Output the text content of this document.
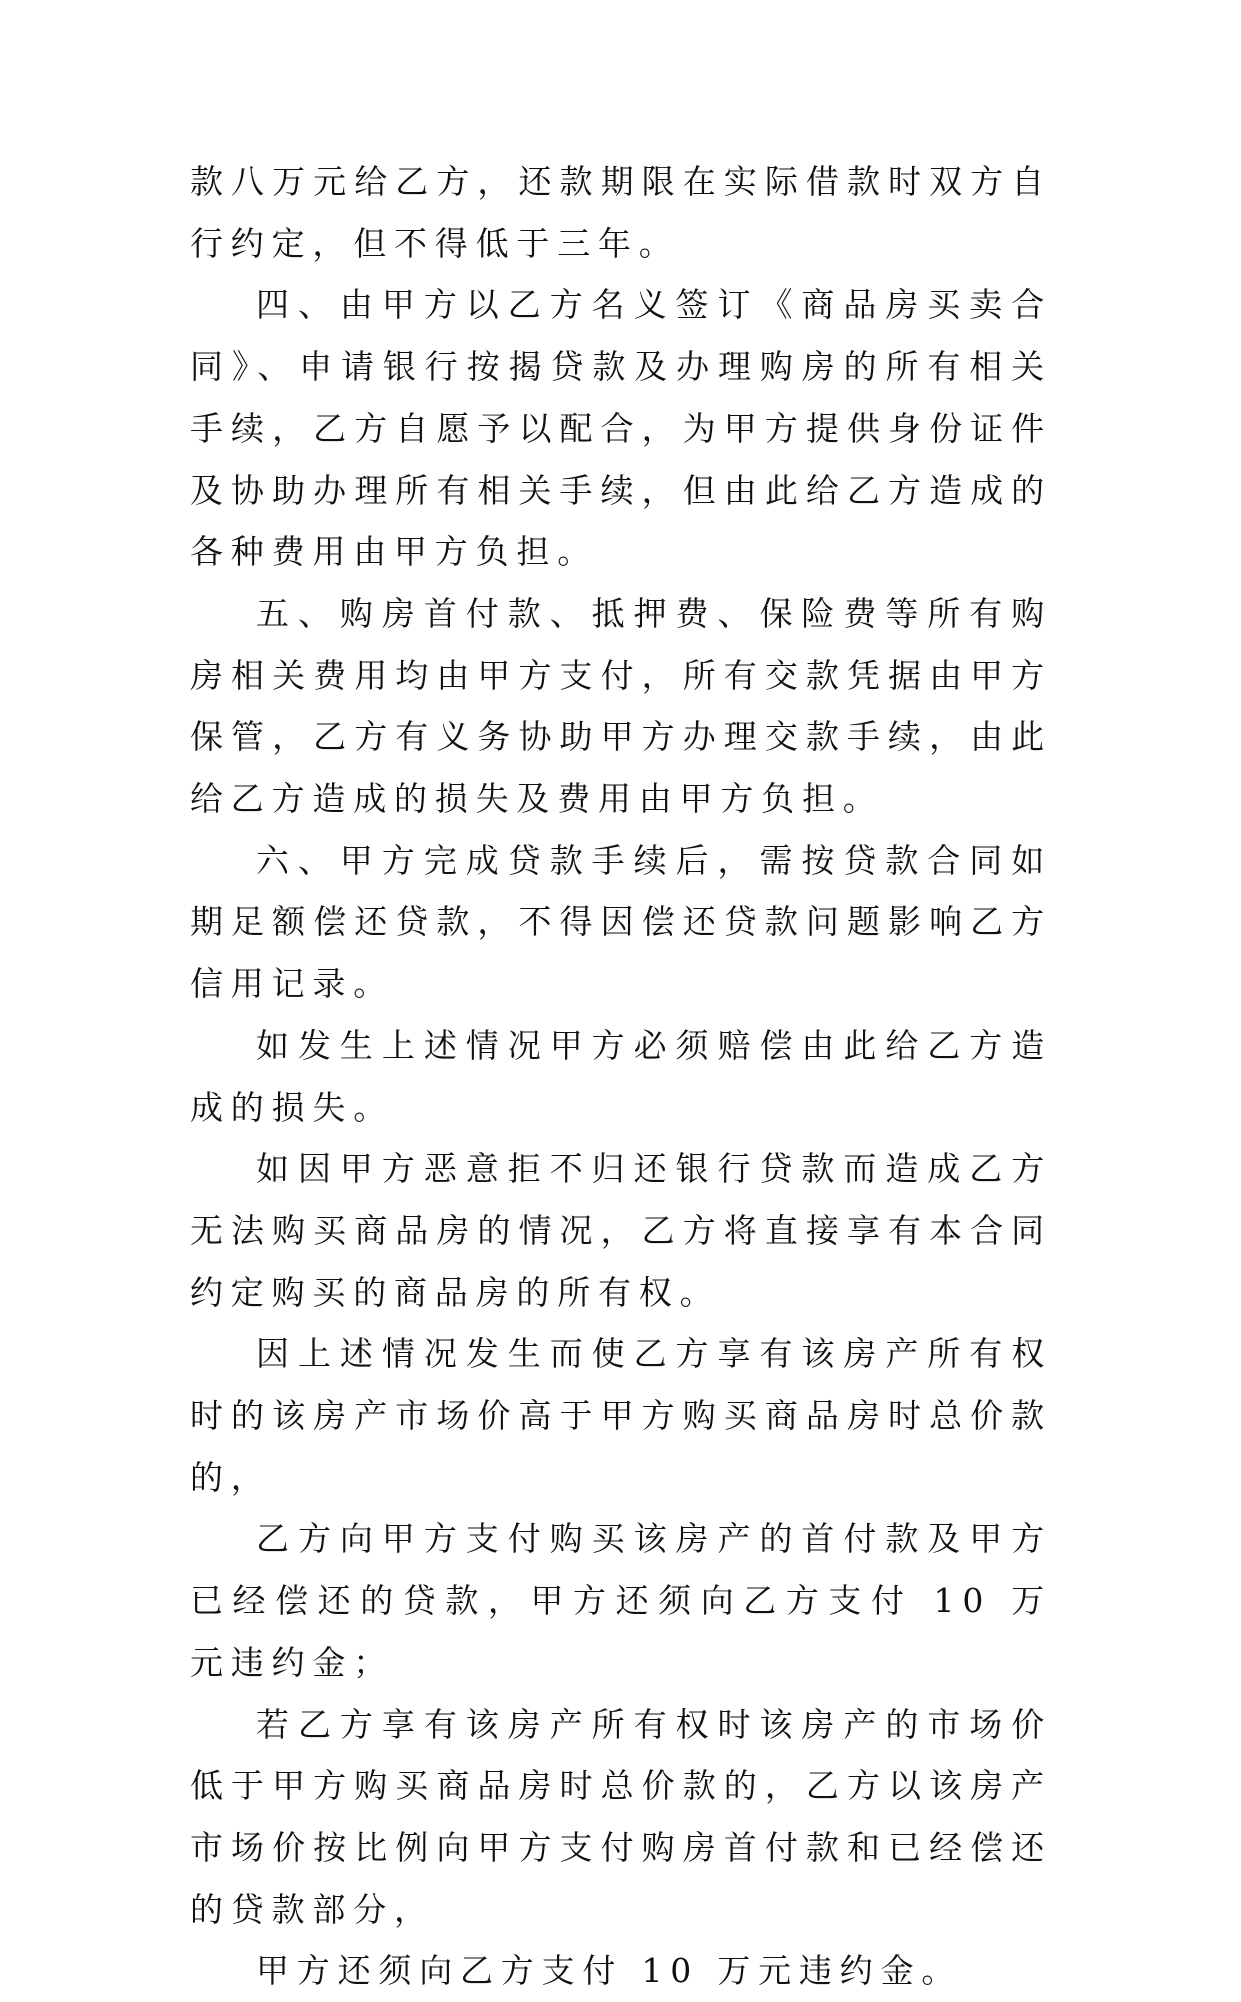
款八万元给乙方，还款期限在实际借款时双方自行约定，但不得低于三年。

四、由甲方以乙方名义签订《商品房买卖合同》、申请银行按揭贷款及办理购房的所有相关手续，乙方自愿予以配合，为甲方提供身份证件及协助办理所有相关手续，但由此给乙方造成的各种费用由甲方负担。

五、购房首付款、抵押费、保险费等所有购房相关费用均由甲方支付，所有交款凭据由甲方保管，乙方有义务协助甲方办理交款手续，由此给乙方造成的损失及费用由甲方负担。

六、甲方完成贷款手续后，需按贷款合同如期足额偿还贷款，不得因偿还贷款问题影响乙方信用记录。

如发生上述情况甲方必须赔偿由此给乙方造成的损失。

如因甲方恶意拒不归还银行贷款而造成乙方无法购买商品房的情况，乙方将直接享有本合同约定购买的商品房的所有权。

因上述情况发生而使乙方享有该房产所有权时的该房产市场价高于甲方购买商品房时总价款的，

乙方向甲方支付购买该房产的首付款及甲方已经偿还的贷款，甲方还须向乙方支付 10 万元违约金；

若乙方享有该房产所有权时该房产的市场价低于甲方购买商品房时总价款的，乙方以该房产市场价按比例向甲方支付购房首付款和已经偿还的贷款部分，

甲方还须向乙方支付 10 万元违约金。
